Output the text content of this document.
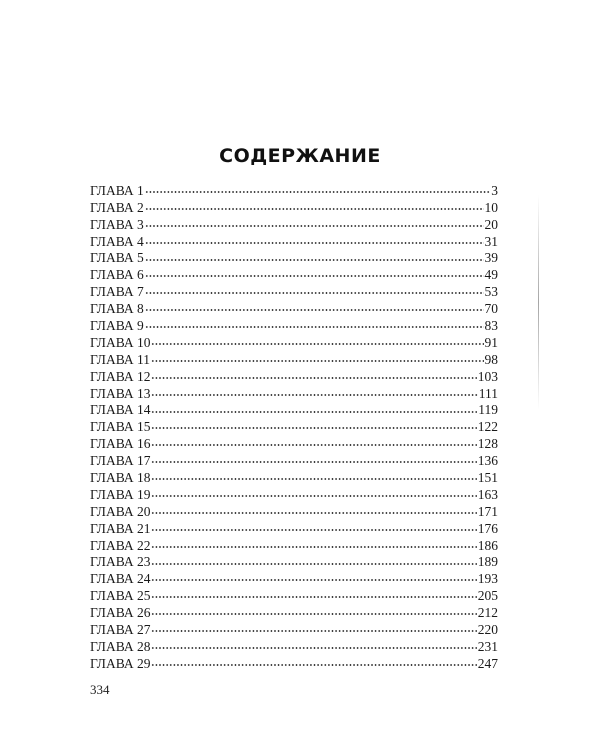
СОДЕРЖАНИЕ
ГЛАВА 1	3
ГЛАВА 2	10
ГЛАВА 3	20
ГЛАВА 4	31
ГЛАВА 5	39
ГЛАВА 6	49
ГЛАВА 7	53
ГЛАВА 8	70
ГЛАВА 9	83
ГЛАВА 10	91
ГЛАВА 11	98
ГЛАВА 12	103
ГЛАВА 13	111
ГЛАВА 14	119
ГЛАВА 15	122
ГЛАВА 16	128
ГЛАВА 17	136
ГЛАВА 18	151
ГЛАВА 19	163
ГЛАВА 20	171
ГЛАВА 21	176
ГЛАВА 22	186
ГЛАВА 23	189
ГЛАВА 24	193
ГЛАВА 25	205
ГЛАВА 26	212
ГЛАВА 27	220
ГЛАВА 28	231
ГЛАВА 29	247
334
